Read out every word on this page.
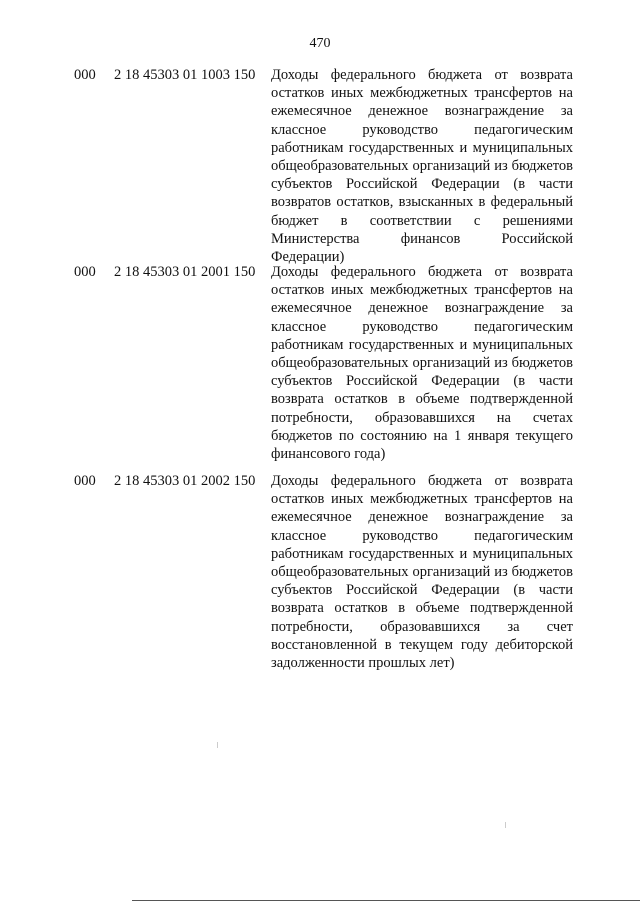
470
000 2 18 45303 01 1003 150 Доходы федерального бюджета от возврата остатков иных межбюджетных трансфертов на ежемесячное денежное вознаграждение за классное руководство педагогическим работникам государственных и муниципальных общеобразовательных организаций из бюджетов субъектов Российской Федерации (в части возвратов остатков, взысканных в федеральный бюджет в соответствии с решениями Министерства финансов Российской Федерации)
000 2 18 45303 01 2001 150 Доходы федерального бюджета от возврата остатков иных межбюджетных трансфертов на ежемесячное денежное вознаграждение за классное руководство педагогическим работникам государственных и муниципальных общеобразовательных организаций из бюджетов субъектов Российской Федерации (в части возврата остатков в объеме подтвержденной потребности, образовавшихся на счетах бюджетов по состоянию на 1 января текущего финансового года)
000 2 18 45303 01 2002 150 Доходы федерального бюджета от возврата остатков иных межбюджетных трансфертов на ежемесячное денежное вознаграждение за классное руководство педагогическим работникам государственных и муниципальных общеобразовательных организаций из бюджетов субъектов Российской Федерации (в части возврата остатков в объеме подтвержденной потребности, образовавшихся за счет восстановленной в текущем году дебиторской задолженности прошлых лет)
